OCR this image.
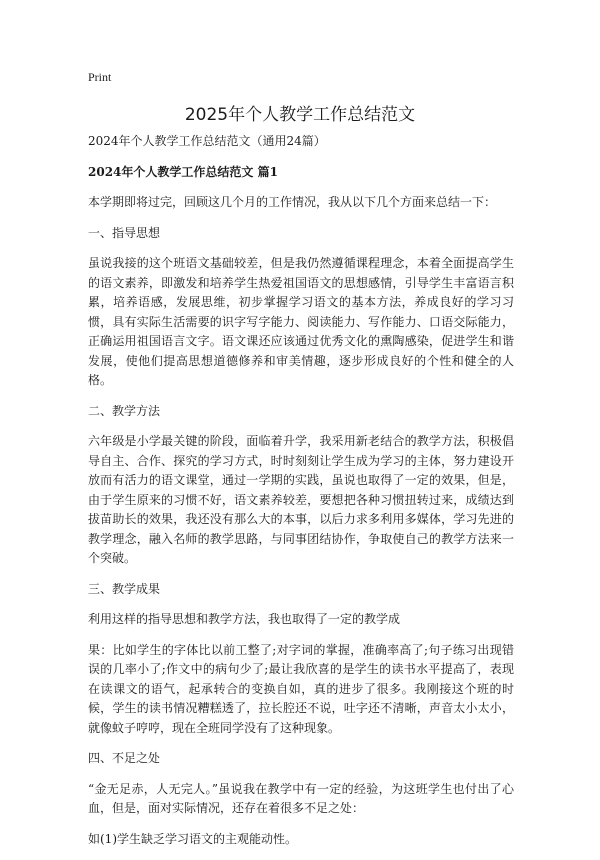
Print
2025年个人教学工作总结范文

2024年个人教学工作总结范文（通用24篇）

2024年个人教学工作总结范文 篇1

本学期即将过完，回顾这几个月的工作情况，我从以下几个方面来总结一下：

一、指导思想

虽说我接的这个班语文基础较差，但是我仍然遵循课程理念，本着全面提高学生的语文素养，即激发和培养学生热爱祖国语文的思想感情，引导学生丰富语言积累，培养语感，发展思维，初步掌握学习语文的基本方法，养成良好的学习习惯，具有实际生活需要的识字写字能力、阅读能力、写作能力、口语交际能力，正确运用祖国语言文字。语文课还应该通过优秀文化的熏陶感染，促进学生和谐发展，使他们提高思想道德修养和审美情趣，逐步形成良好的个性和健全的人格。

二、教学方法

六年级是小学最关键的阶段，面临着升学，我采用新老结合的教学方法，积极倡导自主、合作、探究的学习方式，时时刻刻让学生成为学习的主体，努力建设开放而有活力的语文课堂，通过一学期的实践，虽说也取得了一定的效果，但是，由于学生原来的习惯不好，语文素养较差，要想把各种习惯扭转过来，成绩达到拔苗助长的效果，我还没有那么大的本事，以后力求多利用多媒体，学习先进的教学理念，融入名师的教学思路，与同事团结协作，争取使自己的教学方法来一个突破。

三、教学成果

利用这样的指导思想和教学方法，我也取得了一定的教学成

果：比如学生的字体比以前工整了;对字词的掌握，准确率高了;句子练习出现错误的几率小了;作文中的病句少了;最让我欣喜的是学生的读书水平提高了，表现在读课文的语气，起承转合的变换自如，真的进步了很多。我刚接这个班的时候，学生的读书情况糟糕透了，拉长腔还不说，吐字还不清晰，声音太小太小，就像蚊子哼哼，现在全班同学没有了这种现象。

四、不足之处

“金无足赤，人无完人。”虽说我在教学中有一定的经验，为这班学生也付出了心血，但是，面对实际情况，还存在着很多不足之处：

如(1)学生缺乏学习语文的主观能动性。
